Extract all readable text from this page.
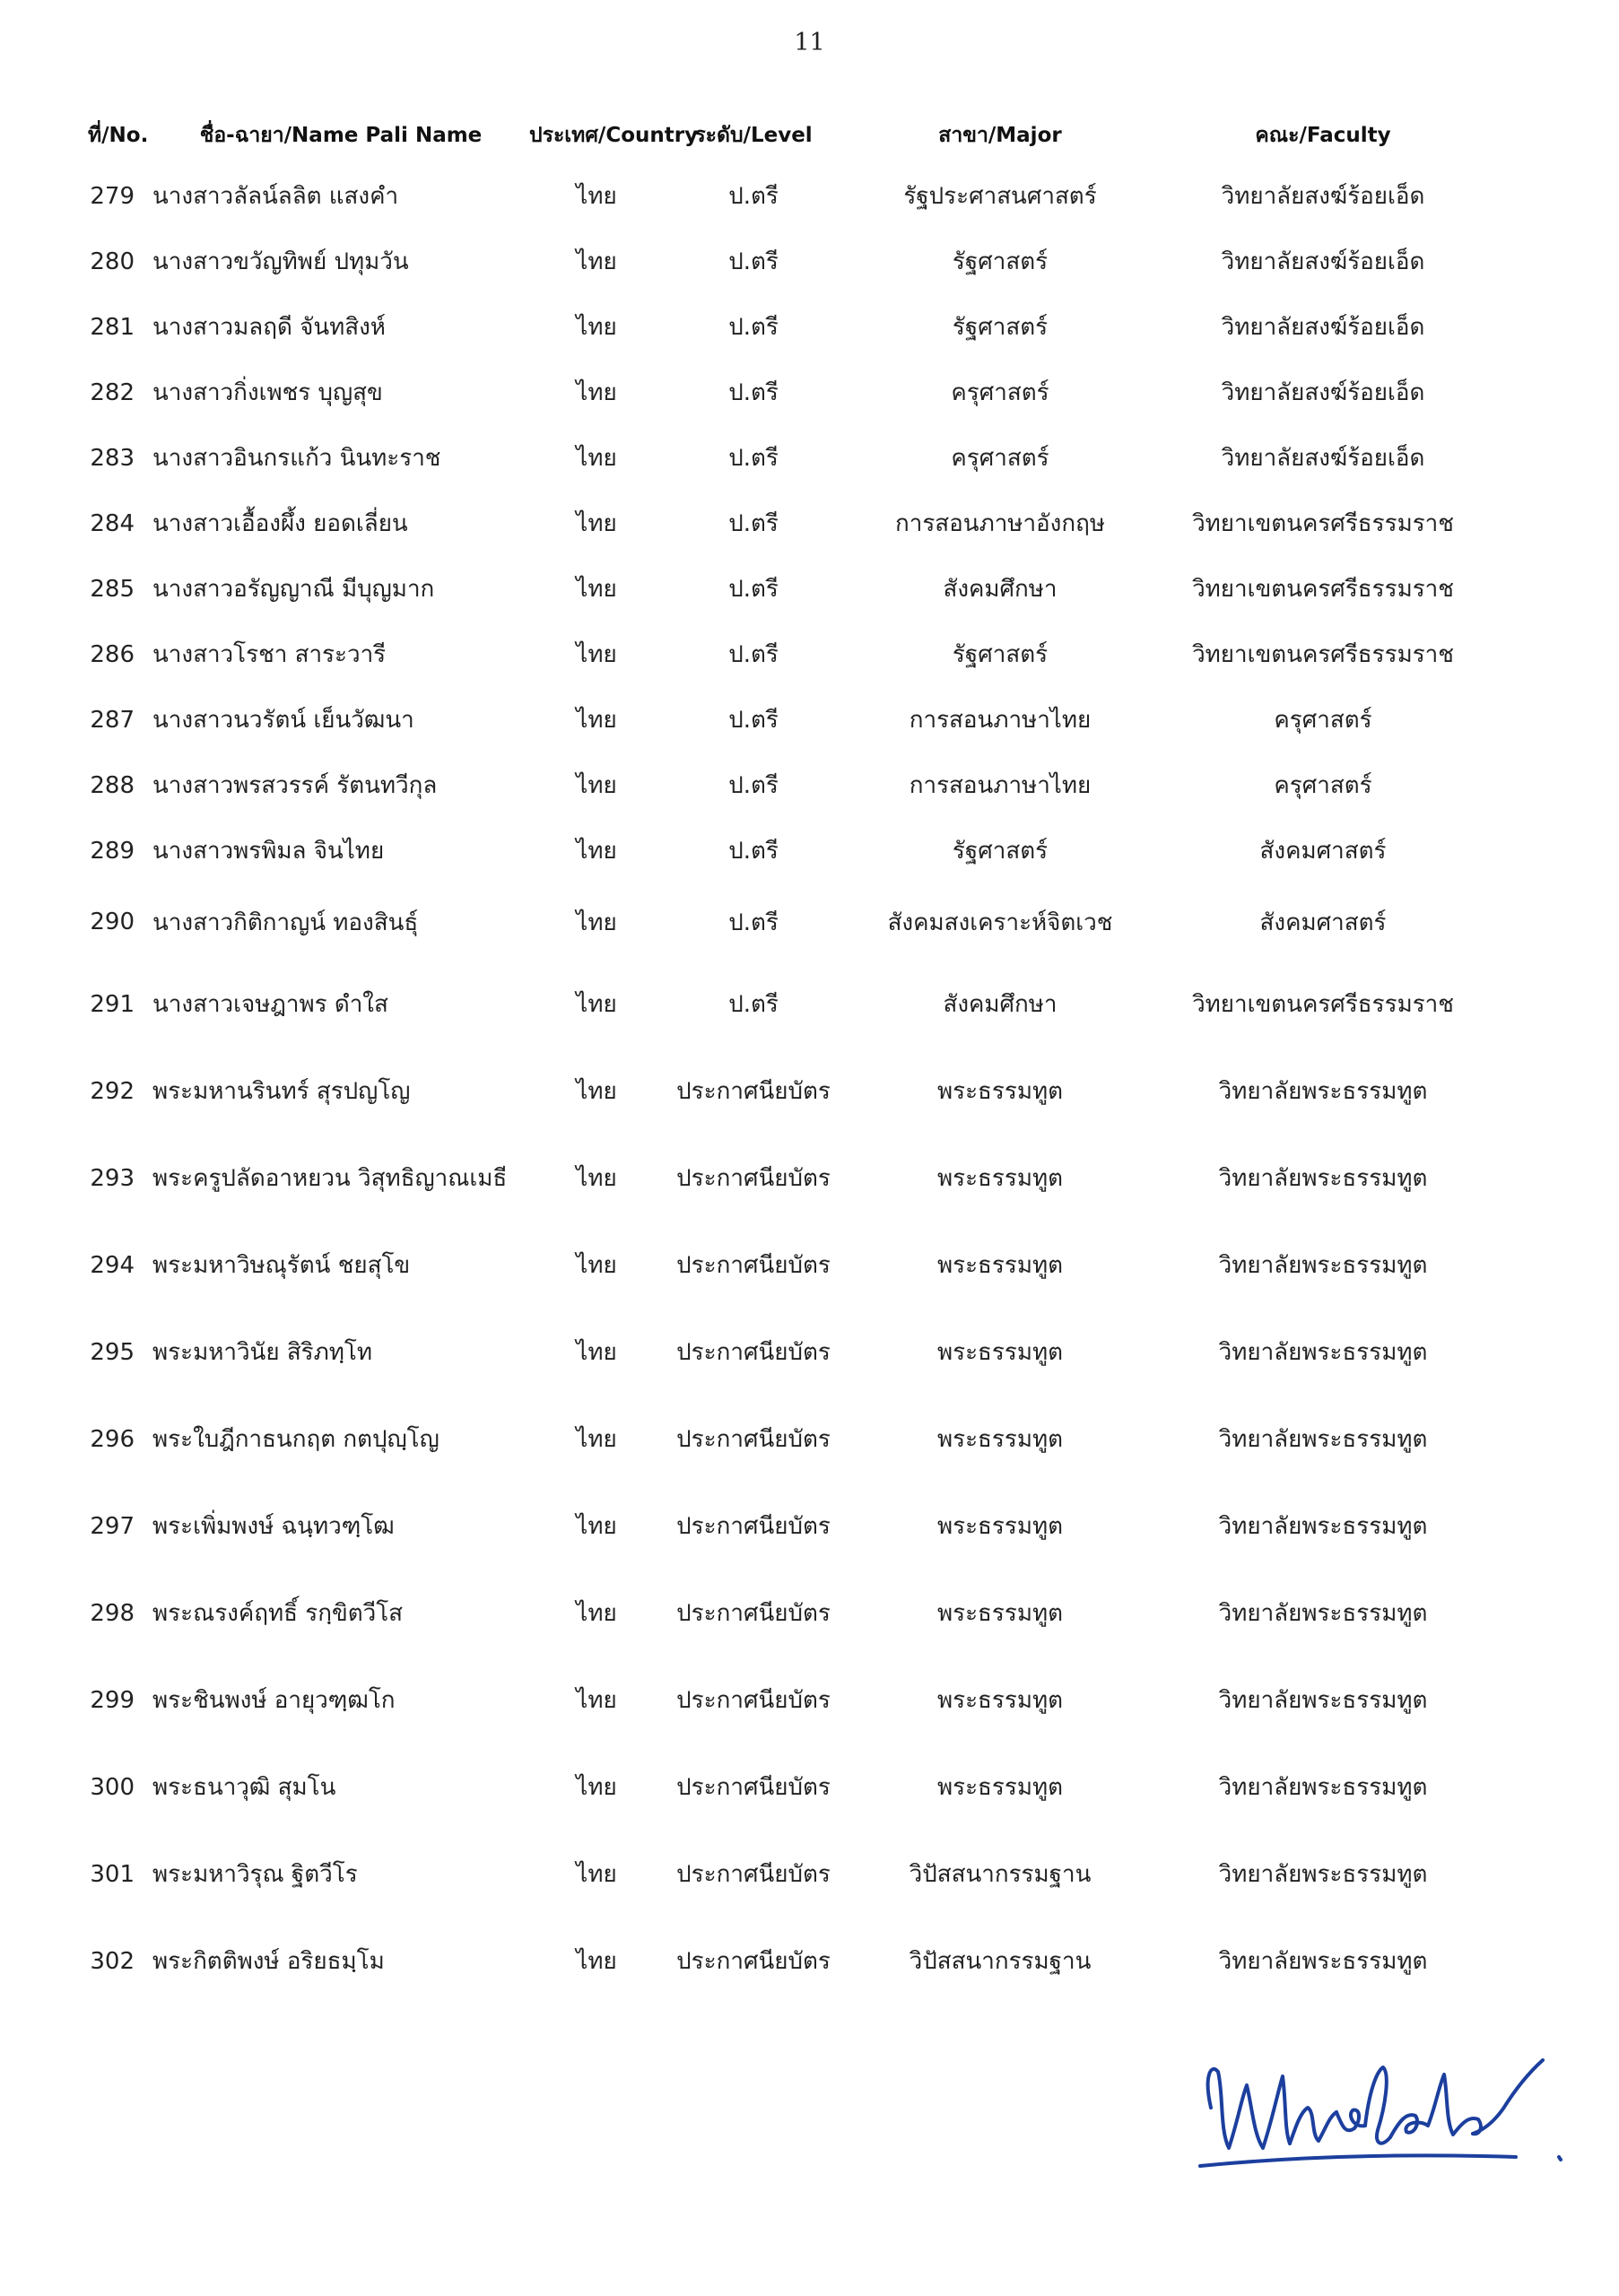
11
ที่/No.	ชื่อ-ฉายา/Name Pali Name	ประเทศ/Country	ระดับ/Level	สาขา/Major	คณะ/Faculty
279	นางสาวลัลน์ลลิต แสงคำ	ไทย	ป.ตรี	รัฐประศาสนศาสตร์	วิทยาลัยสงฆ์ร้อยเอ็ด
280	นางสาวขวัญทิพย์ ปทุมวัน	ไทย	ป.ตรี	รัฐศาสตร์	วิทยาลัยสงฆ์ร้อยเอ็ด
281	นางสาวมลฤดี จันทสิงห์	ไทย	ป.ตรี	รัฐศาสตร์	วิทยาลัยสงฆ์ร้อยเอ็ด
282	นางสาวกิ่งเพชร บุญสุข	ไทย	ป.ตรี	ครุศาสตร์	วิทยาลัยสงฆ์ร้อยเอ็ด
283	นางสาวอินกรแก้ว นินทะราช	ไทย	ป.ตรี	ครุศาสตร์	วิทยาลัยสงฆ์ร้อยเอ็ด
284	นางสาวเอื้องผึ้ง ยอดเลี่ยน	ไทย	ป.ตรี	การสอนภาษาอังกฤษ	วิทยาเขตนครศรีธรรมราช
285	นางสาวอรัญญาณี มีบุญมาก	ไทย	ป.ตรี	สังคมศึกษา	วิทยาเขตนครศรีธรรมราช
286	นางสาวโรชา สาระวารี	ไทย	ป.ตรี	รัฐศาสตร์	วิทยาเขตนครศรีธรรมราช
287	นางสาวนวรัตน์ เย็นวัฒนา	ไทย	ป.ตรี	การสอนภาษาไทย	ครุศาสตร์
288	นางสาวพรสวรรค์ รัตนทวีกุล	ไทย	ป.ตรี	การสอนภาษาไทย	ครุศาสตร์
289	นางสาวพรพิมล จินไทย	ไทย	ป.ตรี	รัฐศาสตร์	สังคมศาสตร์
290	นางสาวกิติกาญน์ ทองสินธุ์	ไทย	ป.ตรี	สังคมสงเคราะห์จิตเวช	สังคมศาสตร์
291	นางสาวเจษฎาพร ดำใส	ไทย	ป.ตรี	สังคมศึกษา	วิทยาเขตนครศรีธรรมราช
292	พระมหานรินทร์ สุรปญโญ	ไทย	ประกาศนียบัตร	พระธรรมทูต	วิทยาลัยพระธรรมทูต
293	พระครูปลัดอาหยวน วิสุทธิญาณเมธี	ไทย	ประกาศนียบัตร	พระธรรมทูต	วิทยาลัยพระธรรมทูต
294	พระมหาวิษณุรัตน์ ชยสุโข	ไทย	ประกาศนียบัตร	พระธรรมทูต	วิทยาลัยพระธรรมทูต
295	พระมหาวินัย สิริภทฺโท	ไทย	ประกาศนียบัตร	พระธรรมทูต	วิทยาลัยพระธรรมทูต
296	พระใบฎีกาธนกฤต กตปุญฺโญ	ไทย	ประกาศนียบัตร	พระธรรมทูต	วิทยาลัยพระธรรมทูต
297	พระเพิ่มพงษ์ ฉนฺทวฑฺโฒ	ไทย	ประกาศนียบัตร	พระธรรมทูต	วิทยาลัยพระธรรมทูต
298	พระณรงค์ฤทธิ์ รกฺขิตวีโส	ไทย	ประกาศนียบัตร	พระธรรมทูต	วิทยาลัยพระธรรมทูต
299	พระชินพงษ์ อายุวฑฺฒโก	ไทย	ประกาศนียบัตร	พระธรรมทูต	วิทยาลัยพระธรรมทูต
300	พระธนาวุฒิ สุมโน	ไทย	ประกาศนียบัตร	พระธรรมทูต	วิทยาลัยพระธรรมทูต
301	พระมหาวิรุณ ฐิตวีโร	ไทย	ประกาศนียบัตร	วิปัสสนากรรมฐาน	วิทยาลัยพระธรรมทูต
302	พระกิตติพงษ์ อริยธมฺโม	ไทย	ประกาศนียบัตร	วิปัสสนากรรมฐาน	วิทยาลัยพระธรรมทูต
